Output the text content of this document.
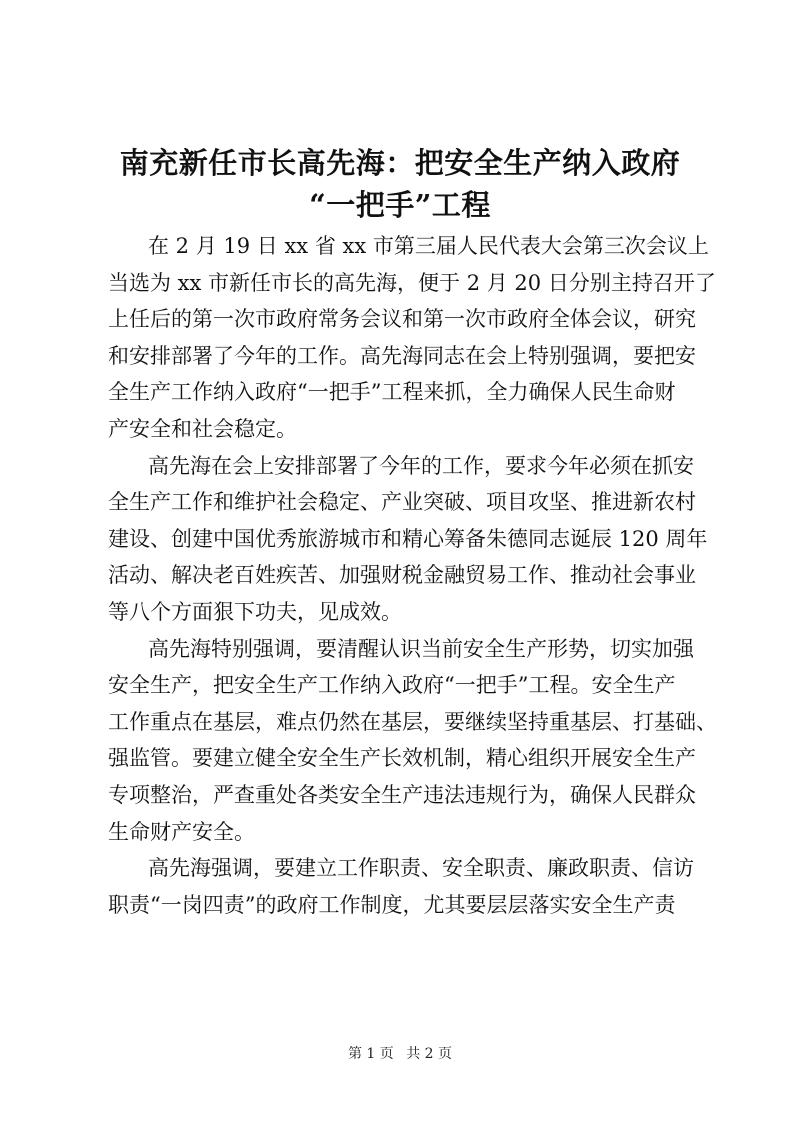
南充新任市长高先海：把安全生产纳入政府
“一把手”工程

在 2 月 19 日 xx 省 xx 市第三届人民代表大会第三次会议上

当选为 xx 市新任市长的高先海，便于 2 月 20 日分别主持召开了

上任后的第一次市政府常务会议和第一次市政府全体会议，研究

和安排部署了今年的工作。高先海同志在会上特别强调，要把安

全生产工作纳入政府“一把手”工程来抓，全力确保人民生命财

产安全和社会稳定。

高先海在会上安排部署了今年的工作，要求今年必须在抓安

全生产工作和维护社会稳定、产业突破、项目攻坚、推进新农村

建设、创建中国优秀旅游城市和精心筹备朱德同志诞辰 120 周年

活动、解决老百姓疾苦、加强财税金融贸易工作、推动社会事业

等八个方面狠下功夫，见成效。

高先海特别强调，要清醒认识当前安全生产形势，切实加强

安全生产，把安全生产工作纳入政府“一把手”工程。安全生产

工作重点在基层，难点仍然在基层，要继续坚持重基层、打基础、

强监管。要建立健全安全生产长效机制，精心组织开展安全生产

专项整治，严查重处各类安全生产违法违规行为，确保人民群众

生命财产安全。

高先海强调，要建立工作职责、安全职责、廉政职责、信访

职责“一岗四责”的政府工作制度，尤其要层层落实安全生产责

第 1 页 共 2 页
